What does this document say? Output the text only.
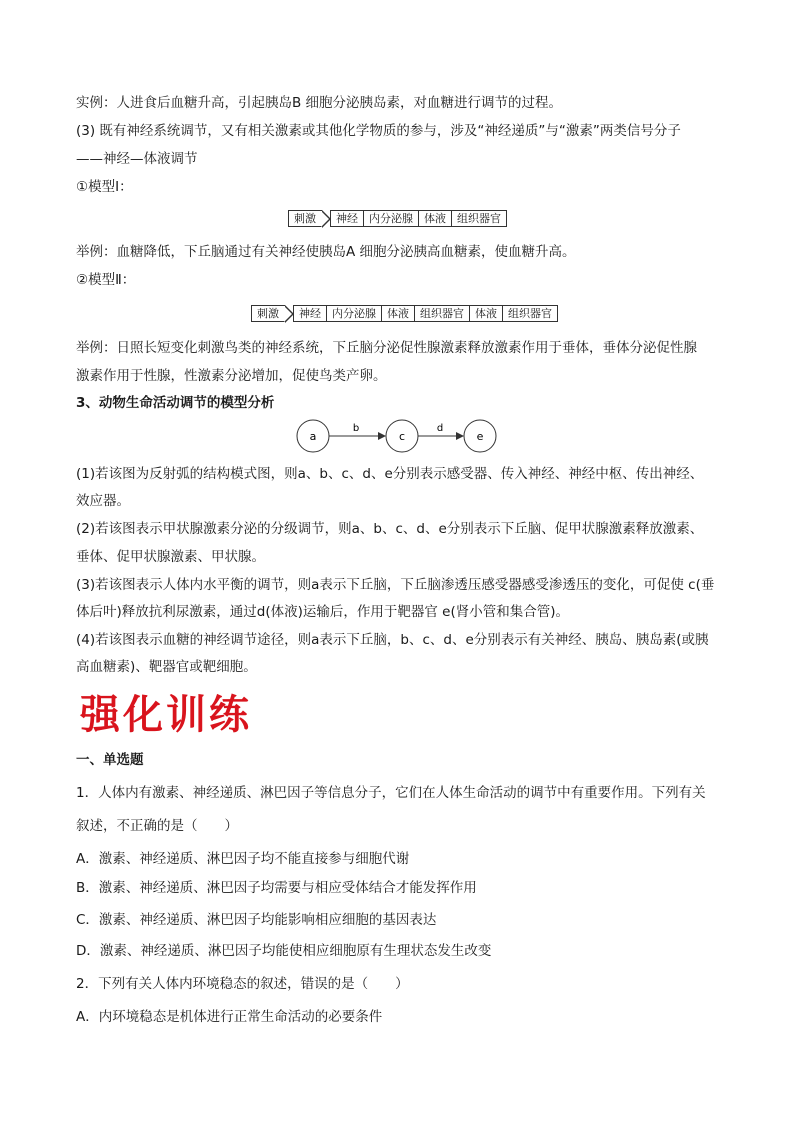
实例：人进食后血糖升高，引起胰岛B 细胞分泌胰岛素，对血糖进行调节的过程。
(3) 既有神经系统调节，又有相关激素或其他化学物质的参与，涉及“神经递质”与“激素”两类信号分子
——神经—体液调节
①模型Ⅰ：
刺激	神经	内分泌腺	体液	组织器官
举例：血糖降低，下丘脑通过有关神经使胰岛A 细胞分泌胰高血糖素，使血糖升高。
②模型Ⅱ：
刺激	神经	内分泌腺	体液	组织器官	体液	组织器官
举例：日照长短变化刺激鸟类的神经系统，下丘脑分泌促性腺激素释放激素作用于垂体，垂体分泌促性腺
激素作用于性腺，性激素分泌增加，促使鸟类产卵。
3、动物生命活动调节的模型分析
a	c	e
b	d
(1)若该图为反射弧的结构模式图，则a、b、c、d、e分别表示感受器、传入神经、神经中枢、传出神经、
效应器。
(2)若该图表示甲状腺激素分泌的分级调节，则a、b、c、d、e分别表示下丘脑、促甲状腺激素释放激素、
垂体、促甲状腺激素、甲状腺。
(3)若该图表示人体内水平衡的调节，则a表示下丘脑，下丘脑渗透压感受器感受渗透压的变化，可促使 c(垂
体后叶)释放抗利尿激素，通过d(体液)运输后，作用于靶器官 e(肾小管和集合管)。
(4)若该图表示血糖的神经调节途径，则a表示下丘脑，b、c、d、e分别表示有关神经、胰岛、胰岛素(或胰
高血糖素)、靶器官或靶细胞。
强化训练
一、单选题
1．人体内有激素、神经递质、淋巴因子等信息分子，它们在人体生命活动的调节中有重要作用。下列有关
叙述，不正确的是（　　）
A．激素、神经递质、淋巴因子均不能直接参与细胞代谢
B．激素、神经递质、淋巴因子均需要与相应受体结合才能发挥作用
C．激素、神经递质、淋巴因子均能影响相应细胞的基因表达
D．激素、神经递质、淋巴因子均能使相应细胞原有生理状态发生改变
2．下列有关人体内环境稳态的叙述，错误的是（　　）
A．内环境稳态是机体进行正常生命活动的必要条件
